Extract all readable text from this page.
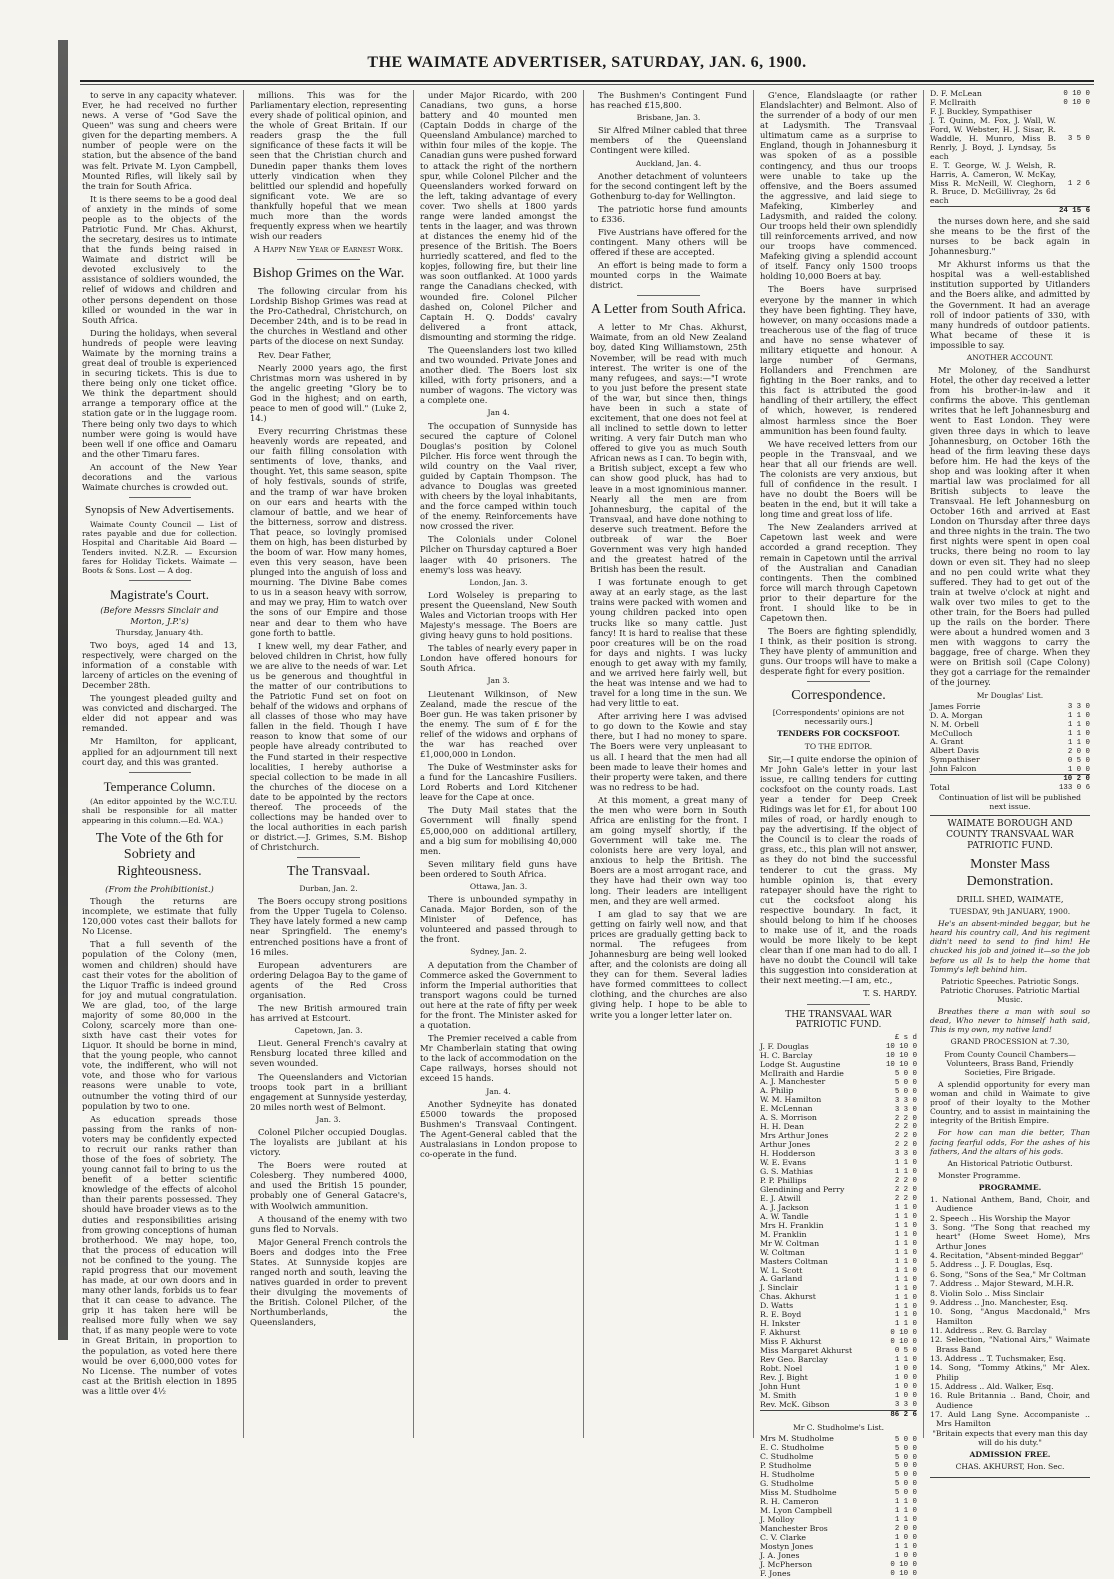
THE WAIMATE ADVERTISER, SATURDAY, JAN. 6, 1900.

to serve in any capacity whatever. Ever, he had received no further news. A verse of "God Save the Queen" was sung and cheers were given for the departing members. A number of people were on the station, but the absence of the band was felt. Private M. Lyon Campbell, Mounted Rifles, will likely sail by the train for South Africa.

It is there seems to be a good deal of anxiety in the minds of some people as to the objects of the Patriotic Fund. Mr Chas. Akhurst, the secretary, desires us to intimate that the funds being raised in Waimate and district will be devoted exclusively to the assistance of soldiers wounded, the relief of widows and children and other persons dependent on those killed or wounded in the war in South Africa.

During the holidays, when several hundreds of people were leaving Waimate by the morning trains a great deal of trouble is experienced in securing tickets. This is due to there being only one ticket office. We think the department should arrange a temporary office at the station gate or in the luggage room. There being only two days to which number were going is would have been well if one office and Oamaru and the other Timaru fares.

An account of the New Year decorations and the various Waimate churches is crowded out.

Synopsis of New Advertisements.

Waimate County Council — List of rates payable and due for collection. Hospital and Charitable Aid Board — Tenders invited. N.Z.R. — Excursion fares for Holiday Tickets. Waimate — Boots & Sons. Lost — A dog.

Magistrate's Court.
(Before Messrs Sinclair and Morton, J.P.'s)

Thursday, January 4th.

Two boys, aged 14 and 13, respectively, were charged on the information of a constable with larceny of articles on the evening of December 28th.

The youngest pleaded guilty and was convicted and discharged. The elder did not appear and was remanded.

Mr Hamilton, for applicant, applied for an adjournment till next court day, and this was granted.

Temperance Column.

(An editor appointed by the W.C.T.U. shall be responsible for all matter appearing in this column.—Ed. W.A.)

The Vote of the 6th for Sobriety and Righteousness.
(From the Prohibitionist.)

Though the returns are incomplete, we estimate that fully 120,000 votes cast their ballots for No License.

That a full seventh of the population of the Colony (men, women and children) should have cast their votes for the abolition of the Liquor Traffic is indeed ground for joy and mutual congratulation. We are glad, too, of the large majority of some 80,000 in the Colony, scarcely more than one-sixth have cast their votes for Liquor. It should be borne in mind, that the young people, who cannot vote, the indifferent, who will not vote, and those who for various reasons were unable to vote, outnumber the voting third of our population by two to one.

As education spreads those passing from the ranks of non-voters may be confidently expected to recruit our ranks rather than those of the foes of sobriety. The young cannot fail to bring to us the benefit of a better scientific knowledge of the effects of alcohol than their parents possessed. They should have broader views as to the duties and responsibilities arising from growing conceptions of human brotherhood. We may hope, too, that the process of education will not be confined to the young. The rapid progress that our movement has made, at our own doors and in many other lands, forbids us to fear that it can cease to advance. The grip it has taken here will be realised more fully when we say that, if as many people were to vote in Great Britain, in proportion to the population, as voted here there would be over 6,000,000 votes for No License. The number of votes cast at the British election in 1895 was a little over 4½

millions. This was for the Parliamentary election, representing every shade of political opinion, and the whole of Great Britain. If our readers grasp the the full significance of these facts it will be seen that the Christian church and Dunedin paper thanks them loves utterly vindication when they belittled our splendid and hopefully significant vote. We are so thankfully hopeful that we mean much more than the words frequently express when we heartily wish our readers

A Happy New Year of Earnest Work.

Bishop Grimes on the War.

The following circular from his Lordship Bishop Grimes was read at the Pro-Cathedral, Christchurch, on December 24th, and is to be read in the churches in Westland and other parts of the diocese on next Sunday.

Rev. Dear Father,

Nearly 2000 years ago, the first Christmas morn was ushered in by the angelic greeting "Glory be to God in the highest; and on earth, peace to men of good will." (Luke 2, 14.)

Every recurring Christmas these heavenly words are repeated, and our faith filling consolation with sentiments of love, thanks, and thought. Yet, this same season, spite of holy festivals, sounds of strife, and the tramp of war have broken on our ears and hearts with the clamour of battle, and we hear of the bitterness, sorrow and distress. That peace, so lovingly promised them on high, has been disturbed by the boom of war. How many homes, even this very season, have been plunged into the anguish of loss and mourning. The Divine Babe comes to us in a season heavy with sorrow, and may we pray, Him to watch over the sons of our Empire and those near and dear to them who have gone forth to battle.

I knew well, my dear Father, and beloved children in Christ, how fully we are alive to the needs of war. Let us be generous and thoughtful in the matter of our contributions to the Patriotic Fund set on foot on behalf of the widows and orphans of all classes of those who may have fallen in the field. Though I have reason to know that some of our people have already contributed to the Fund started in their respective localities, I hereby authorise a special collection to be made in all the churches of the diocese on a date to be appointed by the rectors thereof. The proceeds of the collections may be handed over to the local authorities in each parish or district.—J. Grimes, S.M. Bishop of Christchurch.

The Transvaal.

Durban, Jan. 2.

The Boers occupy strong positions from the Upper Tugela to Colenso. They have lately formed a new camp near Springfield. The enemy's entrenched positions have a front of 16 miles.

European adventurers are ordering Delagoa Bay to the game of agents of the Red Cross organisation.

The new British armoured train has arrived at Estcourt.

Capetown, Jan. 3.

Lieut. General French's cavalry at Rensburg located three killed and seven wounded.

The Queenslanders and Victorian troops took part in a brilliant engagement at Sunnyside yesterday, 20 miles north west of Belmont.

Jan. 3.

Colonel Pilcher occupied Douglas. The loyalists are jubilant at his victory.

The Boers were routed at Colesberg. They numbered 4000, and used the British 15 pounder, probably one of General Gatacre's, with Woolwich ammunition.

A thousand of the enemy with two guns fled to Norvals.

Major General French controls the Boers and dodges into the Free States. At Sunnyside kopjes are ranged north and south, leaving the natives guarded in order to prevent their divulging the movements of the British. Colonel Pilcher, of the Northumberlands, the Queenslanders,

under Major Ricardo, with 200 Canadians, two guns, a horse battery and 40 mounted men (Captain Dodds in charge of the Queensland Ambulance) marched to within four miles of the kopje. The Canadian guns were pushed forward to attack the right of the northern spur, while Colonel Pilcher and the Queenslanders worked forward on the left, taking advantage of every cover. Two shells at 1800 yards range were landed amongst the tents in the laager, and was thrown at distances the enemy hid of the presence of the British. The Boers hurriedly scattered, and fled to the kopjes, following fire, but their line was soon outflanked. At 1000 yards range the Canadians checked, with wounded fire. Colonel Pilcher dashed on, Colonel Pilcher and Captain H. Q. Dodds' cavalry delivered a front attack, dismounting and storming the ridge.

The Queenslanders lost two killed and two wounded. Private Jones and another died. The Boers lost six killed, with forty prisoners, and a number of wagons. The victory was a complete one.

Jan 4.

The occupation of Sunnyside has secured the capture of Colonel Douglas's position by Colonel Pilcher. His force went through the wild country on the Vaal river, guided by Captain Thompson. The advance to Douglas was greeted with cheers by the loyal inhabitants, and the force camped within touch of the enemy. Reinforcements have now crossed the river.

The Colonials under Colonel Pilcher on Thursday captured a Boer laager with 40 prisoners. The enemy's loss was heavy.

London, Jan. 3.

Lord Wolseley is preparing to present the Queensland, New South Wales and Victorian troops with Her Majesty's message. The Boers are giving heavy guns to hold positions.

The tables of nearly every paper in London have offered honours for South Africa.

Jan 3.

Lieutenant Wilkinson, of New Zealand, made the rescue of the Boer gun. He was taken prisoner by the enemy. The sum of £ for the relief of the widows and orphans of the war has reached over £1,000,000 in London.

The Duke of Westminster asks for a fund for the Lancashire Fusiliers. Lord Roberts and Lord Kitchener leave for the Cape at once.

The Duty Mail states that the Government will finally spend £5,000,000 on additional artillery, and a big sum for mobilising 40,000 men.

Seven military field guns have been ordered to South Africa.

Ottawa, Jan. 3.

There is unbounded sympathy in Canada. Major Borden, son of the Minister of Defence, has volunteered and passed through to the front.

Sydney, Jan. 2.

A deputation from the Chamber of Commerce asked the Government to inform the Imperial authorities that transport wagons could be turned out here at the rate of fifty per week for the front. The Minister asked for a quotation.

The Premier received a cable from Mr Chamberlain stating that owing to the lack of accommodation on the Cape railways, horses should not exceed 15 hands.

Jan. 4.

Another Sydneyite has donated £5000 towards the proposed Bushmen's Transvaal Contingent. The Agent-General cabled that the Australasians in London propose to co-operate in the fund.

The Bushmen's Contingent Fund has reached £15,800.

Brisbane, Jan. 3.

Sir Alfred Milner cabled that three members of the Queensland Contingent were killed.

Auckland, Jan. 4.

Another detachment of volunteers for the second contingent left by the Gothenburg to-day for Wellington.

The patriotic horse fund amounts to £336.

Five Austrians have offered for the contingent. Many others will be offered if these are accepted.

An effort is being made to form a mounted corps in the Waimate district.

A Letter from South Africa.

A letter to Mr Chas. Akhurst, Waimate, from an old New Zealand boy, dated King Williamstown, 25th November, will be read with much interest. The writer is one of the many refugees, and says:—"I wrote to you just before the present state of the war, but since then, things have been in such a state of excitement, that one does not feel at all inclined to settle down to letter writing. A very fair Dutch man who offered to give you as much South African news as I can. To begin with, a British subject, except a few who can show good pluck, has had to leave in a most ignominious manner. Nearly all the men are from Johannesburg, the capital of the Transvaal, and have done nothing to deserve such treatment. Before the outbreak of war the Boer Government was very high handed and the greatest hatred of the British has been the result.

I was fortunate enough to get away at an early stage, as the last trains were packed with women and young children packed into open trucks like so many cattle. Just fancy! It is hard to realise that these poor creatures will be on the road for days and nights. I was lucky enough to get away with my family, and we arrived here fairly well, but the heat was intense and we had to travel for a long time in the sun. We had very little to eat.

After arriving here I was advised to go down to the Kowie and stay there, but I had no money to spare. The Boers were very unpleasant to us all. I heard that the men had all been made to leave their homes and their property were taken, and there was no redress to be had.

At this moment, a great many of the men who were born in South Africa are enlisting for the front. I am going myself shortly, if the Government will take me. The colonists here are very loyal, and anxious to help the British. The Boers are a most arrogant race, and they have had their own way too long. Their leaders are intelligent men, and they are well armed.

I am glad to say that we are getting on fairly well now, and that prices are gradually getting back to normal. The refugees from Johannesburg are being well looked after, and the colonists are doing all they can for them. Several ladies have formed committees to collect clothing, and the churches are also giving help. I hope to be able to write you a longer letter later on.

G'ence, Elandslaagte (or rather Elandslachter) and Belmont. Also of the surrender of a body of our men at Ladysmith. The Transvaal ultimatum came as a surprise to England, though in Johannesburg it was spoken of as a possible contingency, and thus our troops were unable to take up the offensive, and the Boers assumed the aggressive, and laid siege to Mafeking, Kimberley and Ladysmith, and raided the colony. Our troops held their own splendidly till reinforcements arrived, and now our troops have commenced. Mafeking giving a splendid account of itself. Fancy only 1500 troops holding 10,000 Boers at bay.

The Boers have surprised everyone by the manner in which they have been fighting. They have, however, on many occasions made a treacherous use of the flag of truce and have no sense whatever of military etiquette and honour. A large number of Germans, Hollanders and Frenchmen are fighting in the Boer ranks, and to this fact is attributed the good handling of their artillery, the effect of which, however, is rendered almost harmless since the Boer ammunition has been found faulty.

We have received letters from our people in the Transvaal, and we hear that all our friends are well. The colonists are very anxious, but full of confidence in the result. I have no doubt the Boers will be beaten in the end, but it will take a long time and great loss of life.

The New Zealanders arrived at Capetown last week and were accorded a grand reception. They remain in Capetown until the arrival of the Australian and Canadian contingents. Then the combined force will march through Capetown prior to their departure for the front. I should like to be in Capetown then.

The Boers are fighting splendidly, I think, as their position is strong. They have plenty of ammunition and guns. Our troops will have to make a desperate fight for every position.

Correspondence.

[Correspondents' opinions are not necessarily ours.]

TENDERS FOR COCKSFOOT.

TO THE EDITOR.

Sir,—I quite endorse the opinion of Mr John Gale's letter in your last issue, re calling tenders for cutting cocksfoot on the county roads. Last year a tender for Deep Creek Ridings was let for £1, for about 100 miles of road, or hardly enough to pay the advertising. If the object of the Council is to clear the roads of grass, etc., this plan will not answer, as they do not bind the successful tenderer to cut the grass. My humble opinion is, that every ratepayer should have the right to cut the cocksfoot along his respective boundary. In fact, it should belong to him if he chooses to make use of it, and the roads would be more likely to be kept clear than if one man had to do all. I have no doubt the Council will take this suggestion into consideration at their next meeting.—I am, etc.,

T. S. HARDY.

THE TRANSVAAL WAR PATRIOTIC FUND.

	£ s d
J. F. Douglas	10 10 0
H. C. Barclay	10 10 0
Lodge St. Augustine	10 10 0
McIlraith and Hardie	5 0 0
A. J. Manchester	5 0 0
A. Philip	5 0 0
W. M. Hamilton	3 3 0
E. McLennan	3 3 0
A. S. Morrison	2 2 0
H. H. Dean	2 2 0
Mrs Arthur Jones	2 2 0
Arthur Jones	2 2 0
H. Hodderson	3 3 0
W. E. Evans	1 1 0
G. S. Mathias	1 1 0
P. P. Phillips	2 2 0
Glendining and Perry	2 2 0
E. J. Atwill	2 2 0
A. J. Jackson	1 1 0
A. W. Tandle	1 1 0
Mrs H. Franklin	1 1 0
M. Franklin	1 1 0
Mr W. Coltman	1 1 0
W. Coltman	1 1 0
Masters Coltman	1 1 0
W. L. Scott	1 1 0
A. Garland	1 1 0
J. Sinclair	1 1 0
Chas. Akhurst	1 1 0
D. Watts	1 1 0
R. E. Boyd	1 1 0
H. Inkster	1 1 0
F. Akhurst	0 10 0
Miss F. Akhurst	0 10 0
Miss Margaret Akhurst	0 5 0
Rev Geo. Barclay	1 1 0
Robt. Noel	1 0 0
Rev. J. Bight	1 0 0
John Hunt	1 0 0
M. Smith	1 0 0
Rev. McK. Gibson	3 3 0
	86 2 6

Mr C. Studholme's List.

Mrs M. Studholme	5 0 0
E. C. Studholme	5 0 0
C. Studholme	5 0 0
P. Studholme	5 0 0
H. Studholme	5 0 0
G. Studholme	5 0 0
Miss M. Studholme	5 0 0
R. H. Cameron	1 1 0
M. Lyon Campbell	1 1 0
J. Molloy	1 1 0
Manchester Bros	2 0 0
C. V. Clarke	1 0 0
Mostyn Jones	1 1 0
J. A. Jones	1 0 0
J. McPherson	0 10 0
F. Jones	0 10 0
D. F. McLean	0 10 0
F. McIlraith	0 10 0
F. J. Buckley, Sympathiser	
J. T. Quinn, M. Fox, J. Wall, W. Ford, W. Webster, H. J. Sisar, R. Waddle, H. Munro, Miss B. Renrly, J. Boyd, J. Lyndsay, 5s each	3 5 0
E. T. George, W. J. Welsh, R. Harris, A. Cameron, W. McKay, Miss R. McNeill, W. Cleghorn, R. Bruce, D. McGillivray, 2s 6d each	1 2 6
	24 15 6

the nurses down here, and she said she means to be the first of the nurses to be back again in Johannesburg."

Mr Akhurst informs us that the hospital was a well-established institution supported by Uitlanders and the Boers alike, and admitted by the Government. It had an average roll of indoor patients of 330, with many hundreds of outdoor patients. What became of these it is impossible to say.

ANOTHER ACCOUNT.

Mr Moloney, of the Sandhurst Hotel, the other day received a letter from his brother-in-law and it confirms the above. This gentleman writes that he left Johannesburg and went to East London. They were given three days in which to leave Johannesburg, on October 16th the head of the firm leaving these days before him. He had the keys of the shop and was looking after it when martial law was proclaimed for all British subjects to leave the Transvaal. He left Johannesburg on October 16th and arrived at East London on Thursday after three days and three nights in the train. The two first nights were spent in open coal trucks, there being no room to lay down or even sit. They had no sleep and no pen could write what they suffered. They had to get out of the train at twelve o'clock at night and walk over two miles to get to the other train, for the Boers had pulled up the rails on the border. There were about a hundred women and 3 men with waggons to carry the baggage, free of charge. When they were on British soil (Cape Colony) they got a carriage for the remainder of the journey.

Mr Douglas' List.

James Forrie	3 3 0
D. A. Morgan	1 1 0
N. M. Orbell	1 1 0
McCulloch	1 1 0
A. Grant	1 1 0
Albert Davis	2 0 0
Sympathiser	0 5 0
John Falcon	1 0 0
	10 2 0
Total	133 0 6

Continuation of list will be published next issue.

WAIMATE BOROUGH AND COUNTY TRANSVAAL WAR PATRIOTIC FUND.

Monster Mass Demonstration.

DRILL SHED, WAIMATE,

TUESDAY, 9th JANUARY, 1900.

He's an absent-minded beggar, but he heard his country call, And his regiment didn't need to send to find him! He chucked his job and joined it—so the job before us all Is to help the home that Tommy's left behind him.

Patriotic Speeches. Patriotic Songs. Patriotic Choruses. Patriotic Martial Music.

Breathes there a man with soul so dead, Who never to himself hath said, This is my own, my native land!

GRAND PROCESSION at 7.30,

From County Council Chambers—Volunteers, Brass Band, Friendly Societies, Fire Brigade.

A splendid opportunity for every man woman and child in Waimate to give proof of their loyalty to the Mother Country, and to assist in maintaining the integrity of the British Empire.

For how can man die better, Than facing fearful odds, For the ashes of his fathers, And the altars of his gods.

An Historical Patriotic Outburst.

Monster Programme.

PROGRAMME.

1. National Anthem, Band, Choir, and Audience
2. Speech .. His Worship the Mayor
3. Song. "The Song that reached my heart" (Home Sweet Home), Mrs Arthur Jones
4. Recitation, "Absent-minded Beggar"
5. Address .. J. F. Douglas, Esq.
6. Song, "Sons of the Sea," Mr Coltman
7. Address .. Major Steward, M.H.R.
8. Violin Solo .. Miss Sinclair
9. Address .. Jno. Manchester, Esq.
10. Song, "Angus Macdonald," Mrs Hamilton
11. Address .. Rev. G. Barclay
12. Selection, "National Airs," Waimate Brass Band
13. Address .. T. Tuchsmaker, Esq.
14. Song, "Tommy Atkins," Mr Alex. Philip
15. Address .. Ald. Walker, Esq.
16. Rule Britannia .. Band, Choir, and Audience
17. Auld Lang Syne. Accompaniste .. Mrs Hamilton

"Britain expects that every man this day will do his duty."

ADMISSION FREE.

CHAS. AKHURST, Hon. Sec.
